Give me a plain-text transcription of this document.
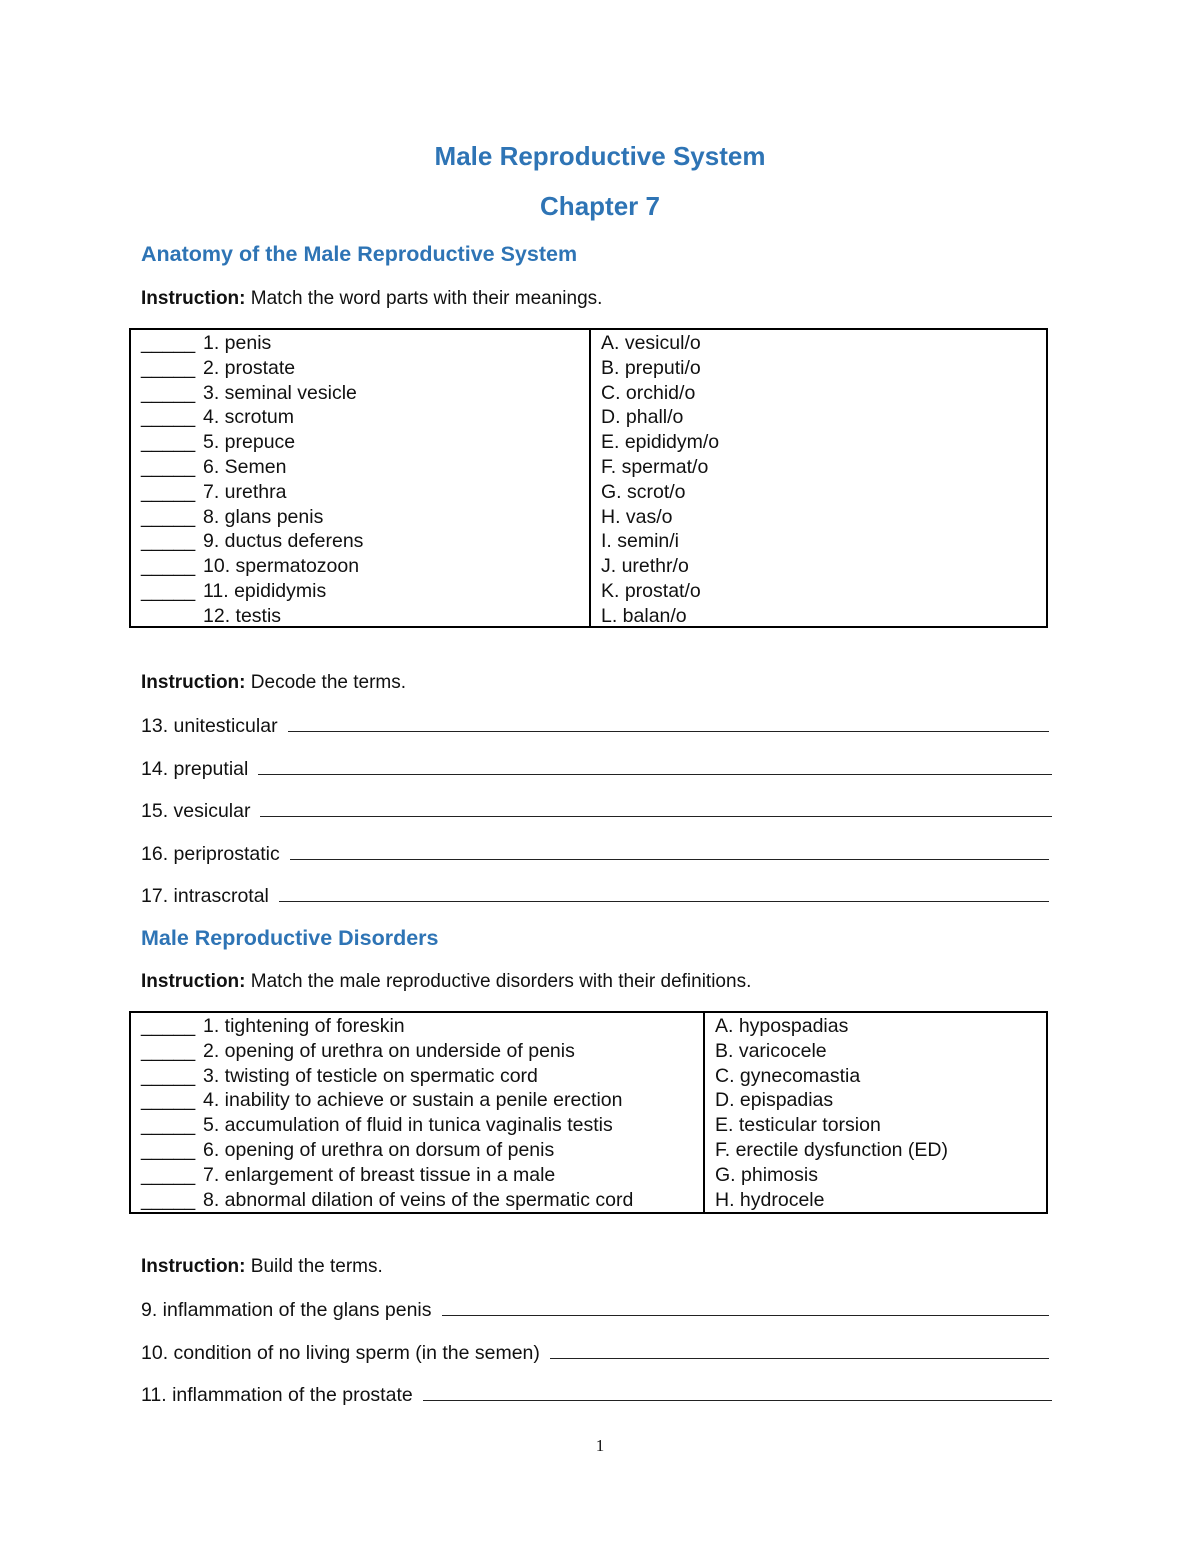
Male Reproductive System
Chapter 7
Anatomy of the Male Reproductive System

Instruction: Match the word parts with their meanings.

_____ 1. penis
_____ 2. prostate
_____ 3. seminal vesicle
_____ 4. scrotum
_____ 5. prepuce
_____ 6. Semen
_____ 7. urethra
_____ 8. glans penis
_____ 9. ductus deferens
_____ 10. spermatozoon
_____ 11. epididymis
12. testis
A. vesicul/o
B. preputi/o
C. orchid/o
D. phall/o
E. epididym/o
F. spermat/o
G. scrot/o
H. vas/o
I. semin/i
J. urethr/o
K. prostat/o
L. balan/o

Instruction: Decode the terms.

13. unitesticular
14. preputial
15. vesicular
16. periprostatic
17. intrascrotal
Male Reproductive Disorders

Instruction: Match the male reproductive disorders with their definitions.

_____ 1. tightening of foreskin
_____ 2. opening of urethra on underside of penis
_____ 3. twisting of testicle on spermatic cord
_____ 4. inability to achieve or sustain a penile erection
_____ 5. accumulation of fluid in tunica vaginalis testis
_____ 6. opening of urethra on dorsum of penis
_____ 7. enlargement of breast tissue in a male
_____ 8. abnormal dilation of veins of the spermatic cord
A. hypospadias
B. varicocele
C. gynecomastia
D. epispadias
E. testicular torsion
F. erectile dysfunction (ED)
G. phimosis
H. hydrocele

Instruction: Build the terms.

9. inflammation of the glans penis
10. condition of no living sperm (in the semen)
11. inflammation of the prostate
1
